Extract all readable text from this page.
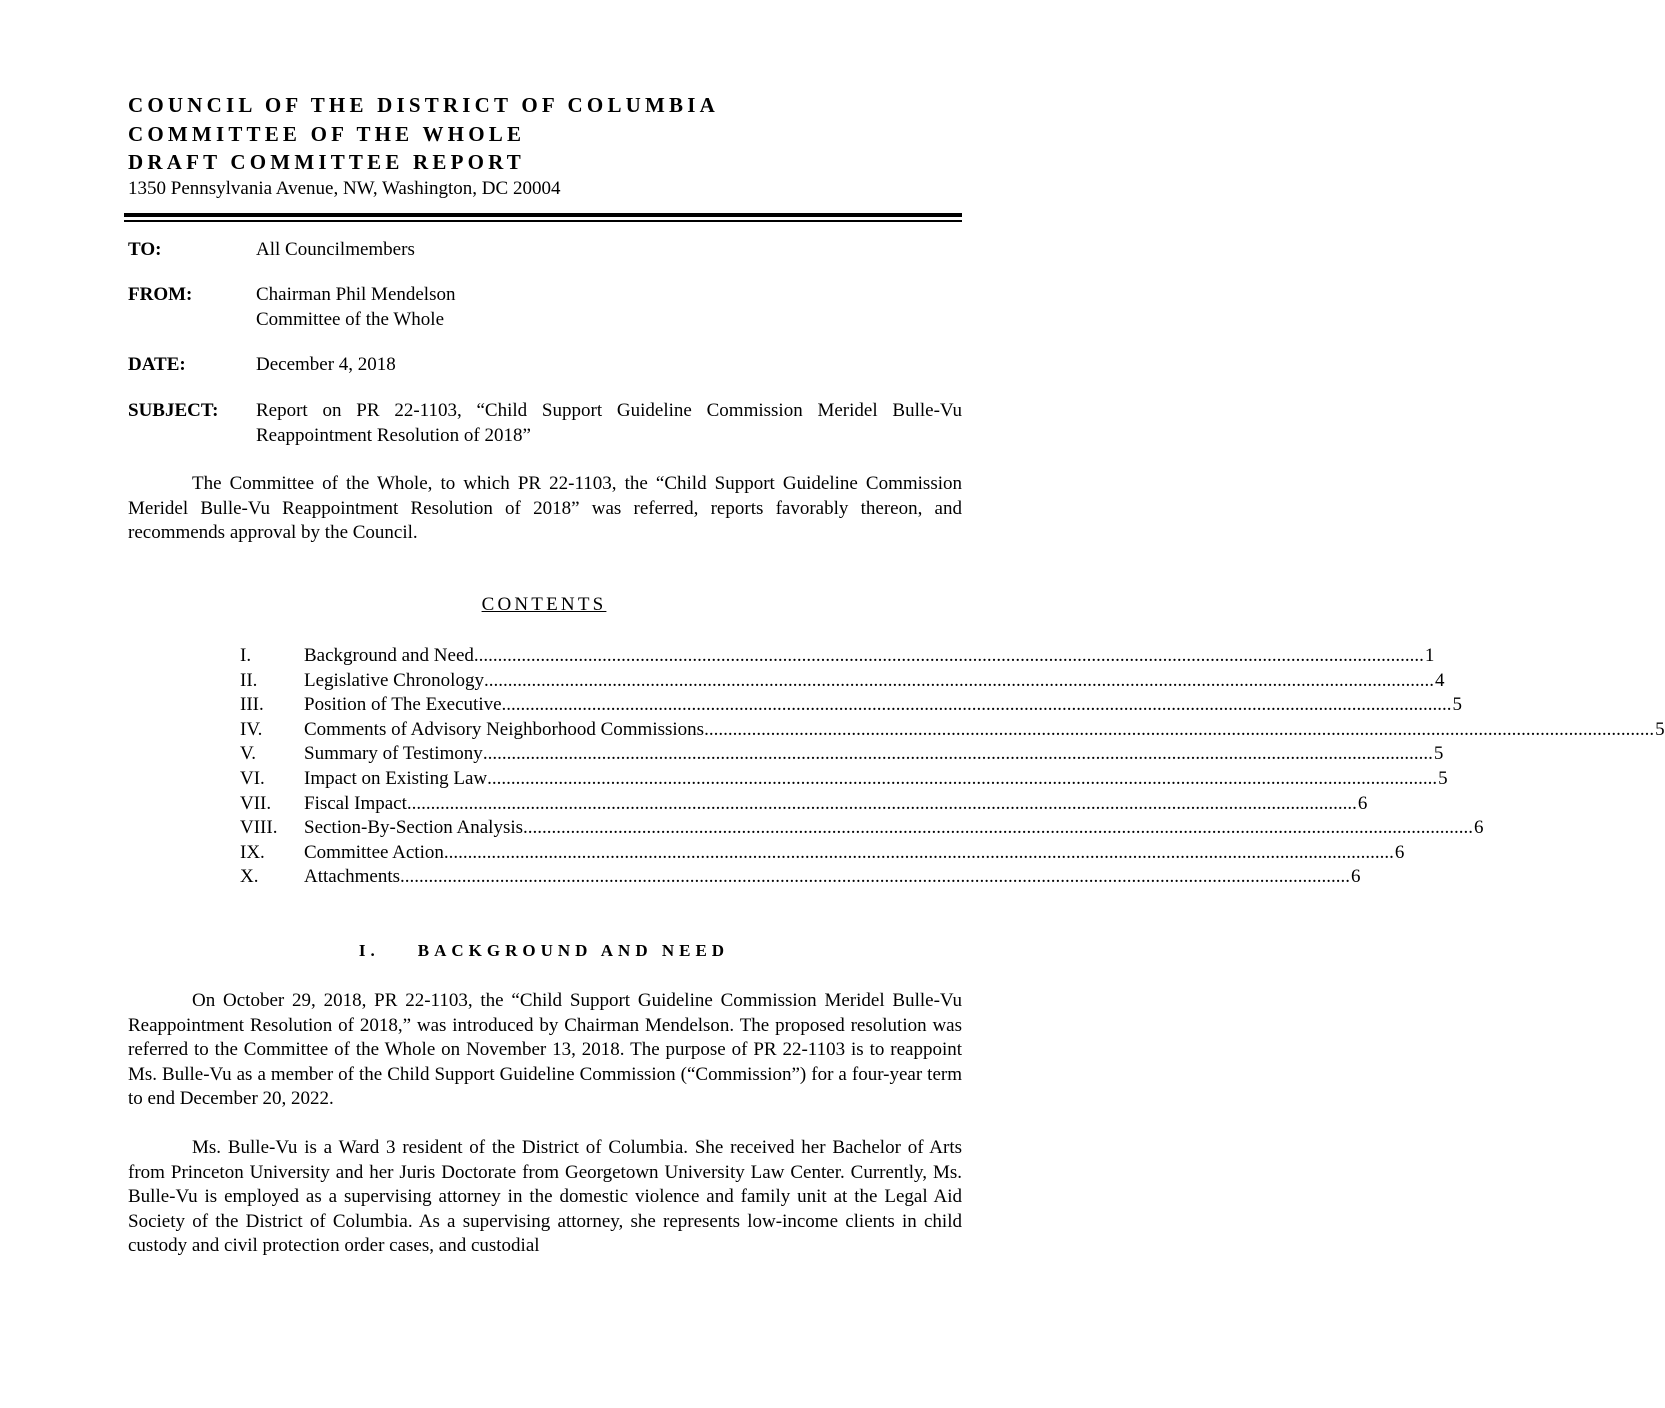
COUNCIL OF THE DISTRICT OF COLUMBIA
COMMITTEE OF THE WHOLE
DRAFT COMMITTEE REPORT
1350 Pennsylvania Avenue, NW, Washington, DC 20004
TO:	All Councilmembers
FROM:	Chairman Phil Mendelson
Committee of the Whole
DATE:	December 4, 2018
SUBJECT: Report on PR 22-1103, “Child Support Guideline Commission Meridel Bulle-Vu Reappointment Resolution of 2018”
The Committee of the Whole, to which PR 22-1103, the “Child Support Guideline Commission Meridel Bulle-Vu Reappointment Resolution of 2018” was referred, reports favorably thereon, and recommends approval by the Council.
CONTENTS
I.	Background and Need ........................................................................................................................................................................................................ 1
II.	Legislative Chronology ........................................................................................................................................................................................................ 4
III.	Position of The Executive ........................................................................................................................................................................................................ 5
IV.	Comments of Advisory Neighborhood Commissions ........................................................................................................................................................................................................ 5
V.	Summary of Testimony ........................................................................................................................................................................................................ 5
VI.	Impact on Existing Law ........................................................................................................................................................................................................ 5
VII.	Fiscal Impact ........................................................................................................................................................................................................ 6
VIII.	Section-By-Section Analysis ........................................................................................................................................................................................................ 6
IX.	Committee Action ........................................................................................................................................................................................................ 6
X.	Attachments ........................................................................................................................................................................................................ 6
I. BACKGROUND AND NEED
On October 29, 2018, PR 22-1103, the “Child Support Guideline Commission Meridel Bulle-Vu Reappointment Resolution of 2018,” was introduced by Chairman Mendelson. The proposed resolution was referred to the Committee of the Whole on November 13, 2018. The purpose of PR 22-1103 is to reappoint Ms. Bulle-Vu as a member of the Child Support Guideline Commission (“Commission”) for a four-year term to end December 20, 2022.
Ms. Bulle-Vu is a Ward 3 resident of the District of Columbia. She received her Bachelor of Arts from Princeton University and her Juris Doctorate from Georgetown University Law Center. Currently, Ms. Bulle-Vu is employed as a supervising attorney in the domestic violence and family unit at the Legal Aid Society of the District of Columbia. As a supervising attorney, she represents low-income clients in child custody and civil protection order cases, and custodial
